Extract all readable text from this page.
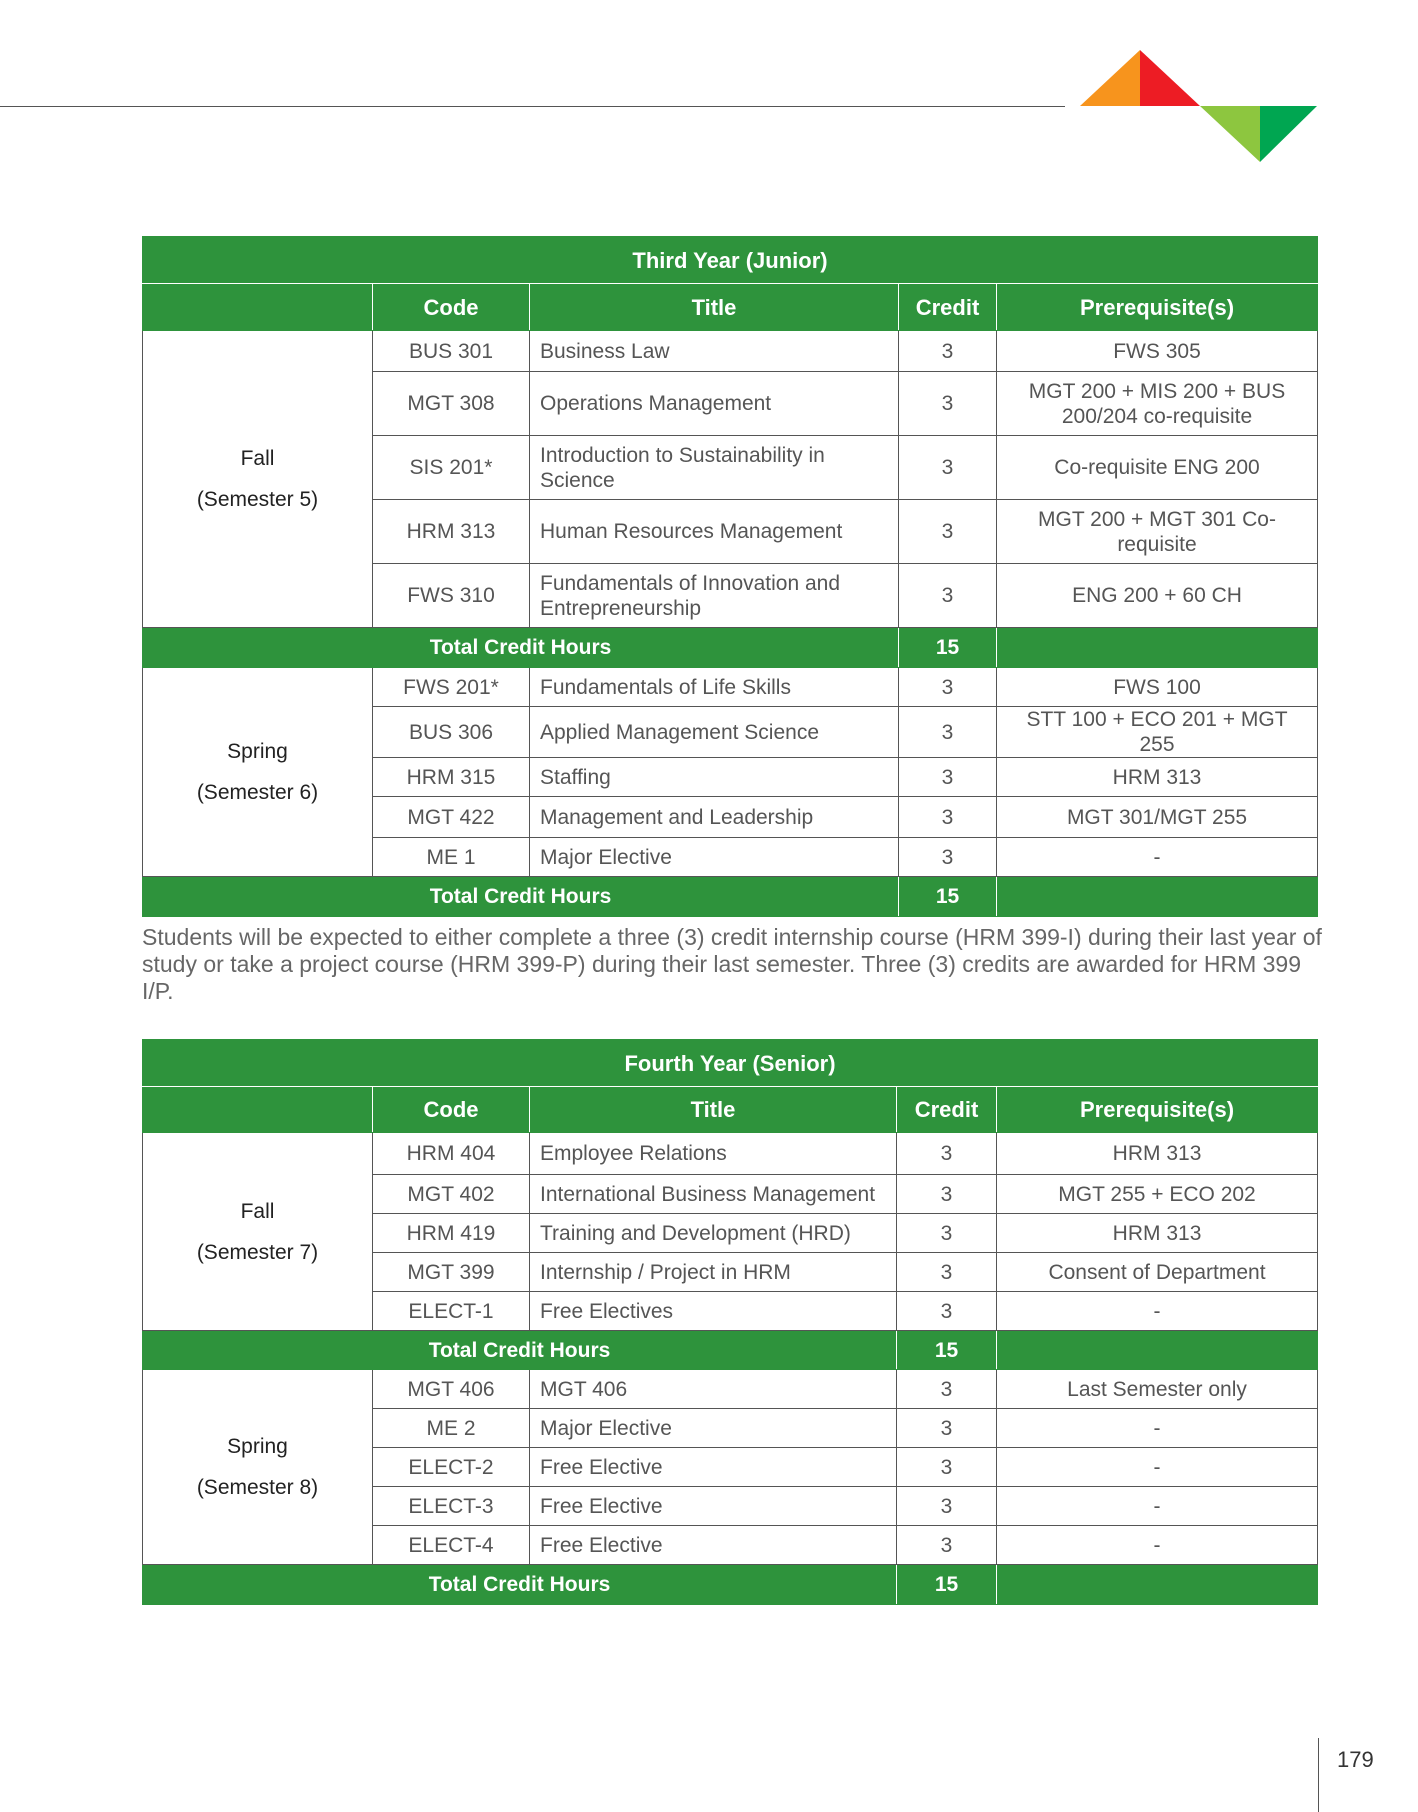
Third Year (Junior)				
	Code	Title	Credit	Prerequisite(s)

Fall
(Semester 5)	BUS 301	Business Law	3	FWS 305
	MGT 308	Operations Management	3	MGT 200 + MIS 200 + BUS 200/204 co-requisite
	SIS 201*	Introduction to Sustainability in Science	3	Co-requisite ENG 200
	HRM 313	Human Resources Management	3	MGT 200 + MGT 301 Co-requisite
	FWS 310	Fundamentals of Innovation and Entrepreneurship	3	ENG 200 + 60 CH
Total Credit Hours			15	

Spring
(Semester 6)	FWS 201*	Fundamentals of Life Skills	3	FWS 100
	BUS 306	Applied Management Science	3	STT 100 + ECO 201 + MGT 255
	HRM 315	Staffing	3	HRM 313
	MGT 422	Management and Leadership	3	MGT 301/MGT 255
	ME 1	Major Elective	3	-
Total Credit Hours			15	

Students will be expected to either complete a three (3) credit internship course (HRM 399-I) during their last year of study or take a project course (HRM 399-P) during their last semester. Three (3) credits are awarded for HRM 399 I/P.

Fourth Year (Senior)				
	Code	Title	Credit	Prerequisite(s)

Fall
(Semester 7)	HRM 404	Employee Relations	3	HRM 313
	MGT 402	International Business Management	3	MGT 255 + ECO 202
	HRM 419	Training and Development (HRD)	3	HRM 313
	MGT 399	Internship / Project in HRM	3	Consent of Department
	ELECT-1	Free Electives	3	-
Total Credit Hours			15	

Spring
(Semester 8)	MGT 406	MGT 406	3	Last Semester only
	ME 2	Major Elective	3	-
	ELECT-2	Free Elective	3	-
	ELECT-3	Free Elective	3	-
	ELECT-4	Free Elective	3	-
Total Credit Hours			15	
179
